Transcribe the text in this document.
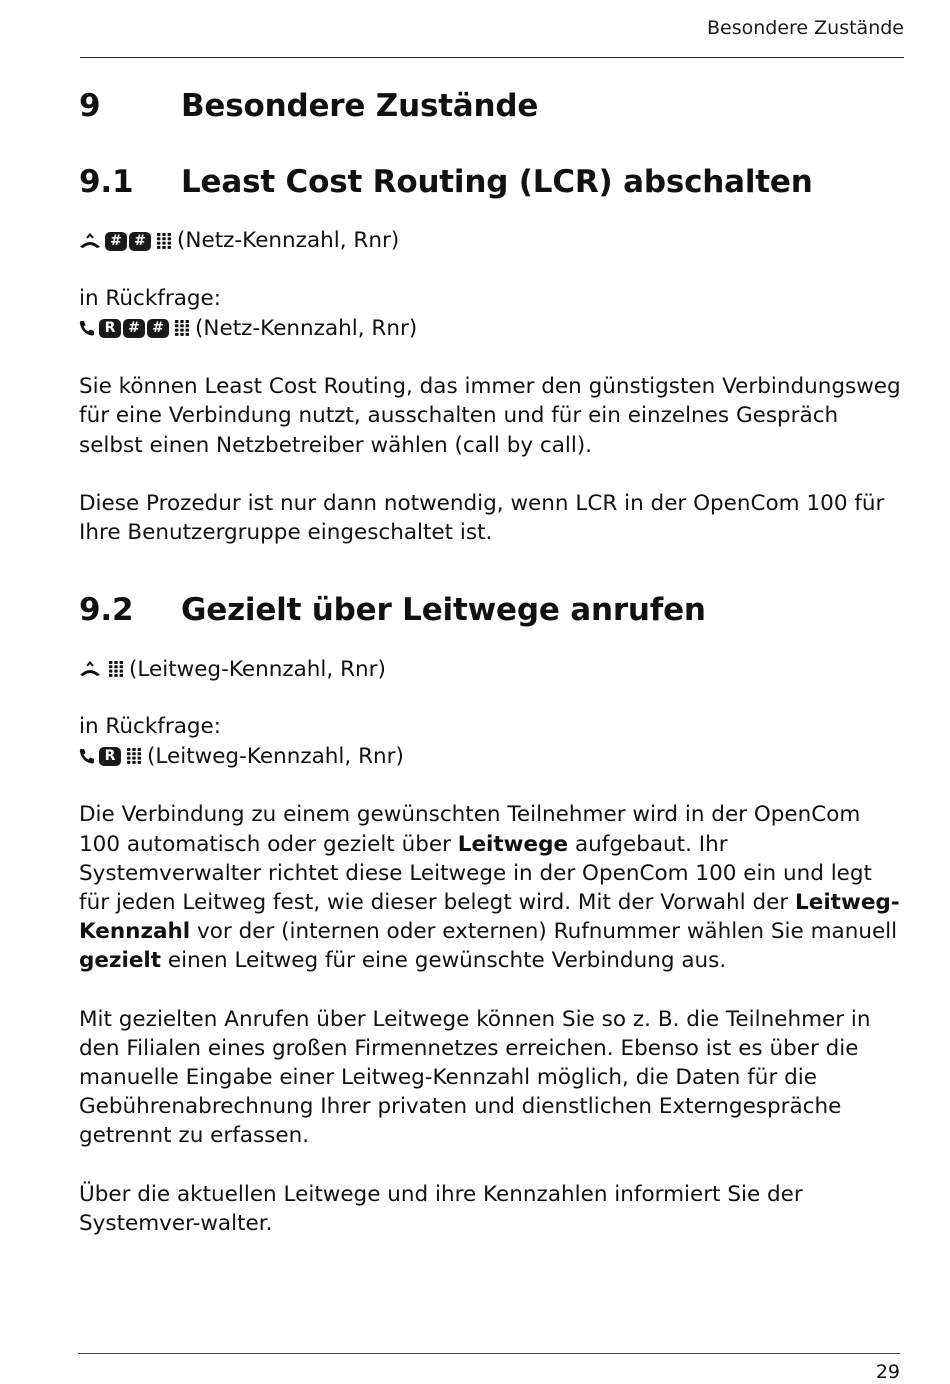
Besondere Zustände
9	Besondere Zustände
9.1	Least Cost Routing (LCR) abschalten
# # (Netz-Kennzahl, Rnr)

in Rückfrage:

R # # (Netz-Kennzahl, Rnr)

Sie können Least Cost Routing, das immer den günstigsten Verbindungsweg für eine Verbindung nutzt, ausschalten und für ein einzelnes Gespräch selbst einen Netzbetreiber wählen (call by call).

Diese Prozedur ist nur dann notwendig, wenn LCR in der OpenCom 100 für Ihre Benutzergruppe eingeschaltet ist.

9.2	Gezielt über Leitwege anrufen
(Leitweg-Kennzahl, Rnr)

in Rückfrage:

R (Leitweg-Kennzahl, Rnr)

Die Verbindung zu einem gewünschten Teilnehmer wird in der OpenCom 100 automatisch oder gezielt über Leitwege aufgebaut. Ihr Systemverwalter richtet diese Leitwege in der OpenCom 100 ein und legt für jeden Leitweg fest, wie dieser belegt wird. Mit der Vorwahl der Leitweg-Kennzahl vor der (internen oder externen) Rufnummer wählen Sie manuell gezielt einen Leitweg für eine gewünschte Verbindung aus.

Mit gezielten Anrufen über Leitwege können Sie so z. B. die Teilnehmer in den Filialen eines großen Firmennetzes erreichen. Ebenso ist es über die manuelle Eingabe einer Leitweg-Kennzahl möglich, die Daten für die Gebührenabrechnung Ihrer privaten und dienstlichen Externgespräche getrennt zu erfassen.

Über die aktuellen Leitwege und ihre Kennzahlen informiert Sie der Systemver-walter.

29
